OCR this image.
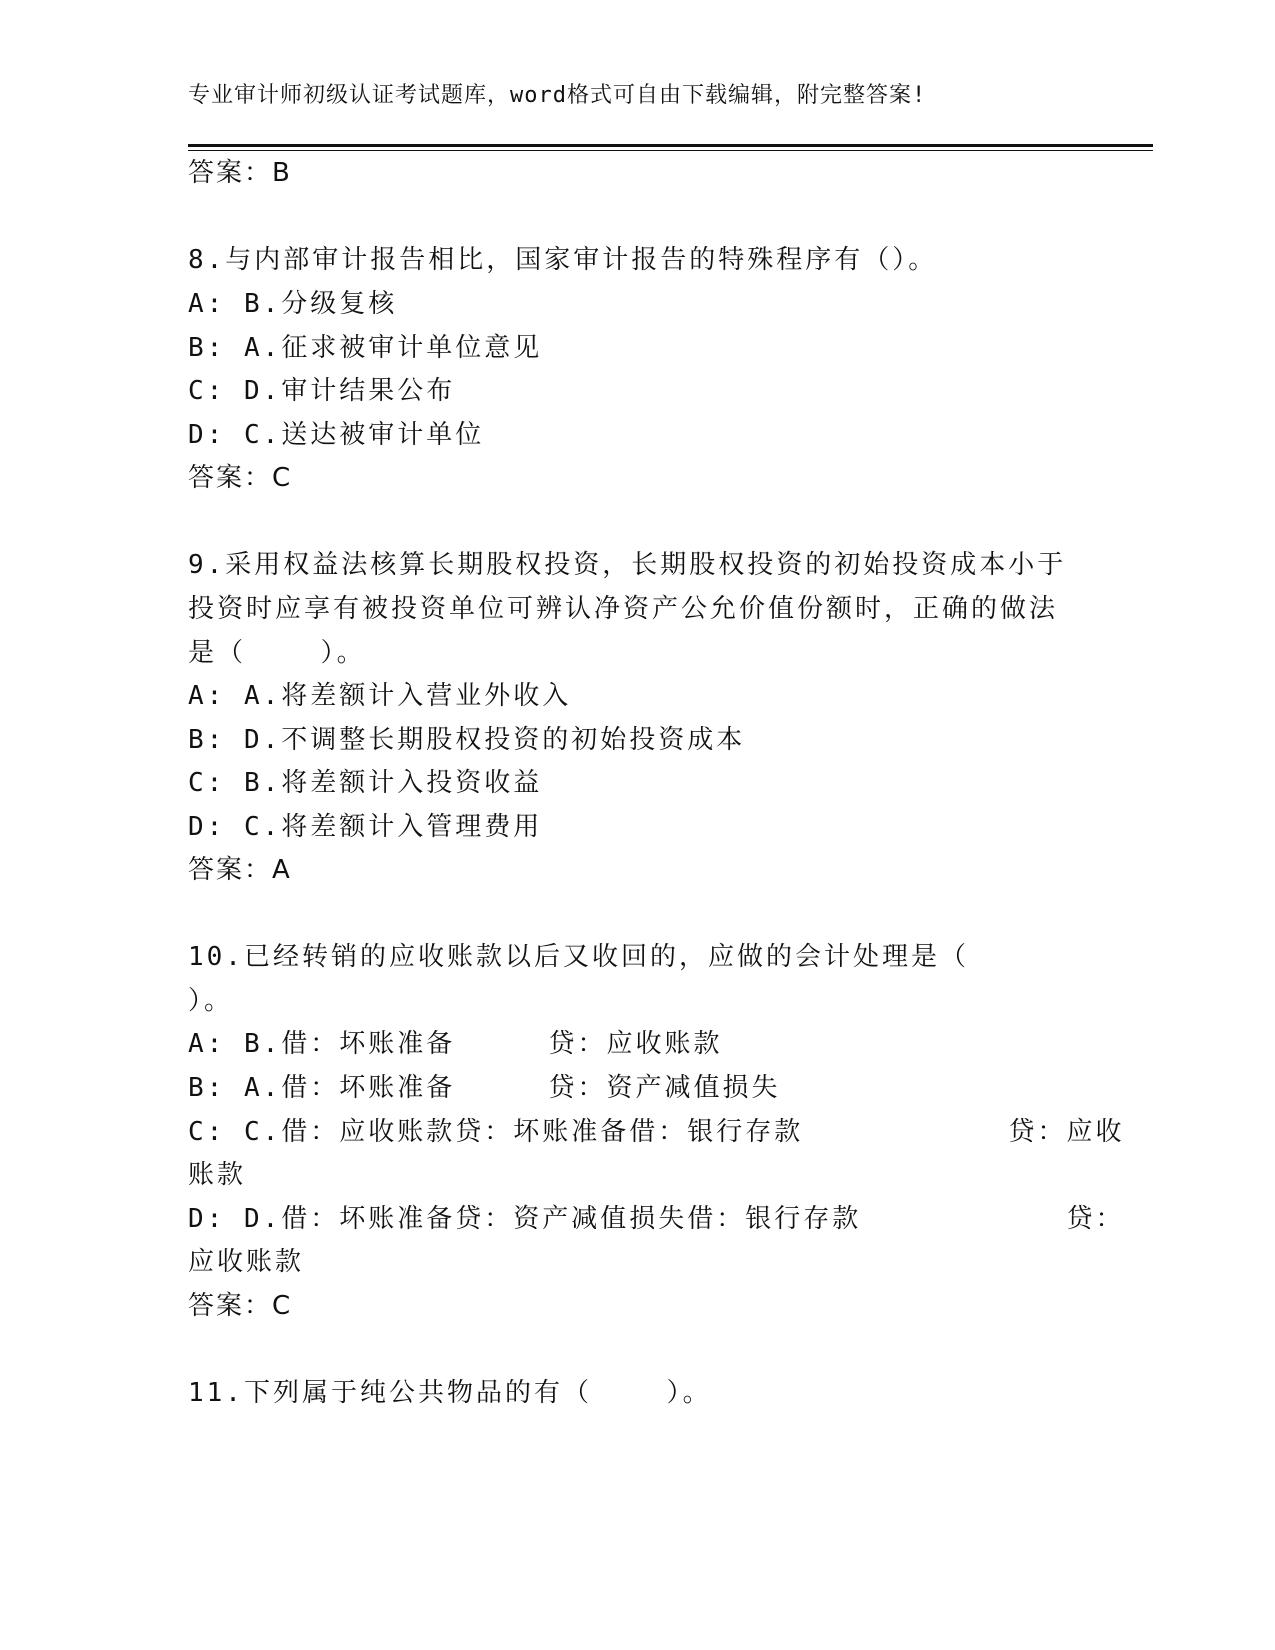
专业审计师初级认证考试题库，word格式可自由下载编辑，附完整答案!
答案：B
8.与内部审计报告相比，国家审计报告的特殊程序有（）。
A: B.分级复核
B: A.征求被审计单位意见
C: D.审计结果公布
D: C.送达被审计单位
答案：C
9.采用权益法核算长期股权投资，长期股权投资的初始投资成本小于
投资时应享有被投资单位可辨认净资产公允价值份额时，正确的做法
是（    ）。
A: A.将差额计入营业外收入
B: D.不调整长期股权投资的初始投资成本
C: B.将差额计入投资收益
D: C.将差额计入管理费用
答案：A
10.已经转销的应收账款以后又收回的，应做的会计处理是（
）。
A: B.借：坏账准备     贷：应收账款
B: A.借：坏账准备     贷：资产减值损失
C: C.借：应收账款贷：坏账准备借：银行存款           贷：应收
账款
D: D.借：坏账准备贷：资产减值损失借：银行存款           贷：
应收账款
答案：C
11.下列属于纯公共物品的有（    ）。
